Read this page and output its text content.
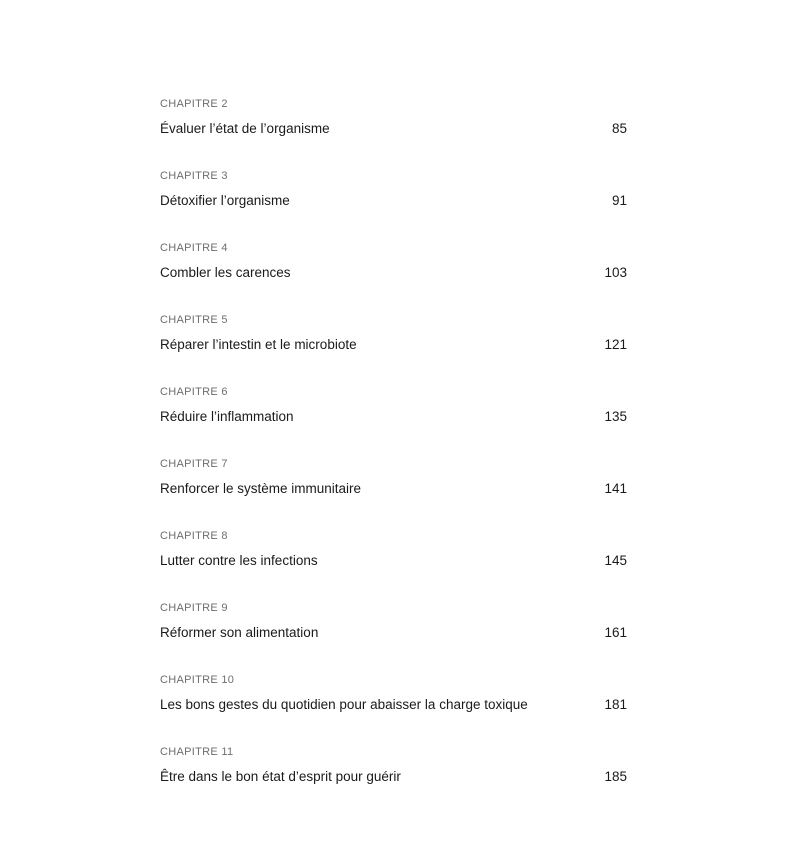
CHAPITRE 2
Évaluer l’état de l’organisme	85
CHAPITRE 3
Détoxifier l’organisme	91
CHAPITRE 4
Combler les carences	103
CHAPITRE 5
Réparer l’intestin et le microbiote	121
CHAPITRE 6
Réduire l’inflammation	135
CHAPITRE 7
Renforcer le système immunitaire	141
CHAPITRE 8
Lutter contre les infections	145
CHAPITRE 9
Réformer son alimentation	161
CHAPITRE 10
Les bons gestes du quotidien pour abaisser la charge toxique	181
CHAPITRE 11
Être dans le bon état d’esprit pour guérir	185
